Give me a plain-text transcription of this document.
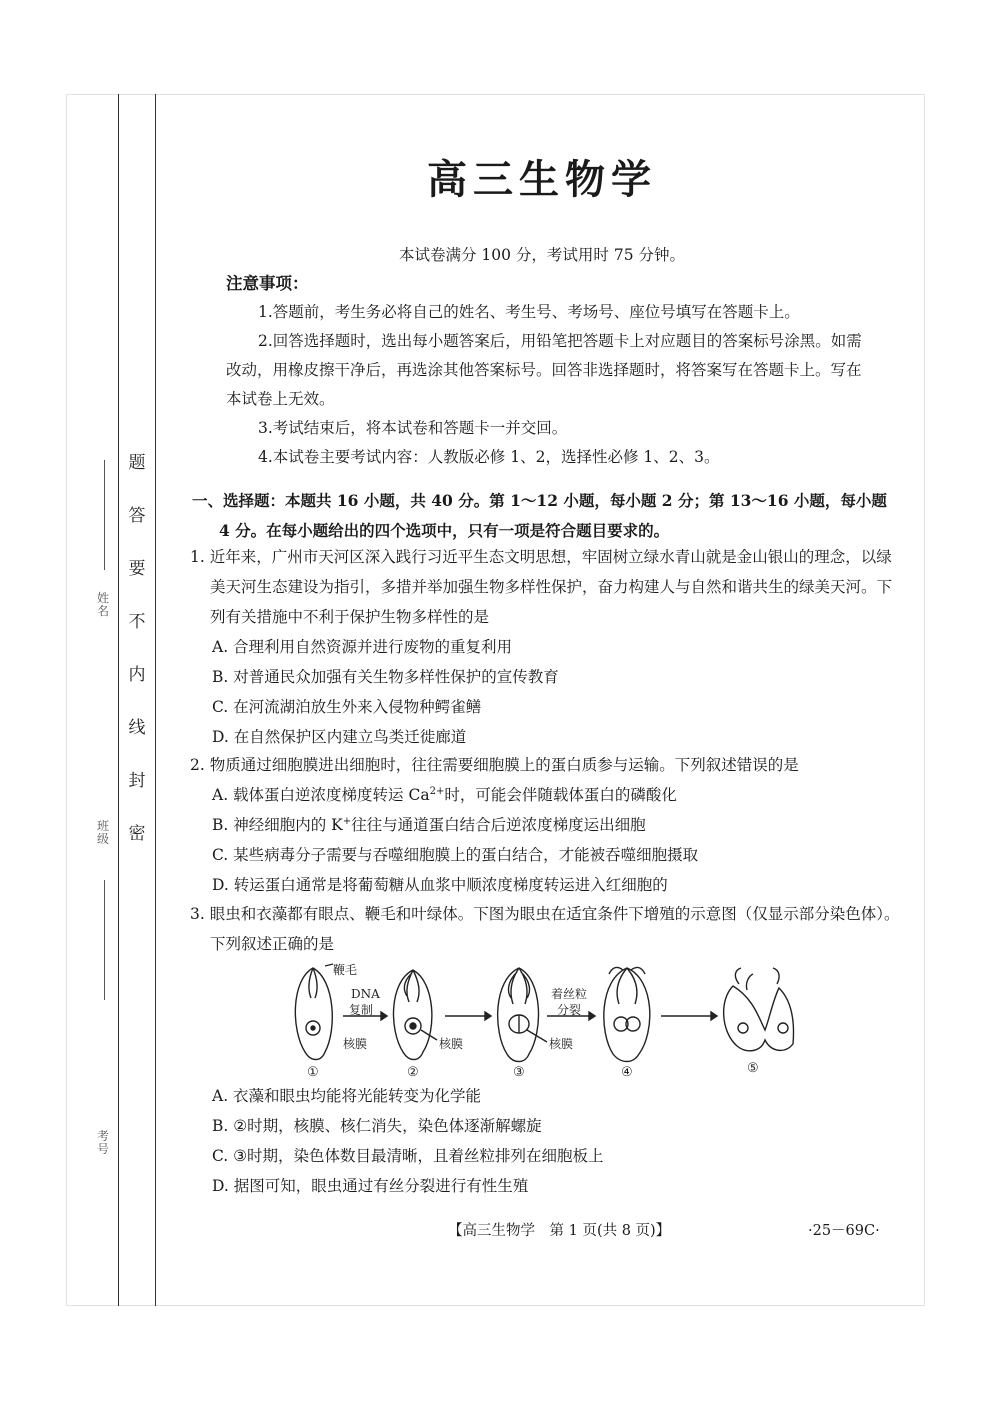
姓名
班级
考号
题
答
要
不
内
线
封
密
高三生物学
本试卷满分 100 分，考试用时 75 分钟。
注意事项：

1.答题前，考生务必将自己的姓名、考生号、考场号、座位号填写在答题卡上。

2.回答选择题时，选出每小题答案后，用铅笔把答题卡上对应题目的答案标号涂黑。如需改动，用橡皮擦干净后，再选涂其他答案标号。回答非选择题时，将答案写在答题卡上。写在本试卷上无效。

3.考试结束后，将本试卷和答题卡一并交回。

4.本试卷主要考试内容：人教版必修 1、2，选择性必修 1、2、3。

一、选择题：本题共 16 小题，共 40 分。第 1～12 小题，每小题 2 分；第 13～16 小题，每小题
4 分。在每小题给出的四个选项中，只有一项是符合题目要求的。

1. 近年来，广州市天河区深入践行习近平生态文明思想，牢固树立绿水青山就是金山银山的理念，以绿美天河生态建设为指引，多措并举加强生物多样性保护，奋力构建人与自然和谐共生的绿美天河。下列有关措施中不利于保护生物多样性的是

A. 合理利用自然资源并进行废物的重复利用

B. 对普通民众加强有关生物多样性保护的宣传教育

C. 在河流湖泊放生外来入侵物种鳄雀鳝

D. 在自然保护区内建立鸟类迁徙廊道

2. 物质通过细胞膜进出细胞时，往往需要细胞膜上的蛋白质参与运输。下列叙述错误的是

A. 载体蛋白逆浓度梯度转运 $Ca^{2+}$时，可能会伴随载体蛋白的磷酸化

B. 神经细胞内的 K+往往与通道蛋白结合后逆浓度梯度运出细胞

C. 某些病毒分子需要与吞噬细胞膜上的蛋白结合，才能被吞噬细胞摄取

D. 转运蛋白通常是将葡萄糖从血浆中顺浓度梯度转运进入红细胞的

3. 眼虫和衣藻都有眼点、鞭毛和叶绿体。下图为眼虫在适宜条件下增殖的示意图（仅显示部分染色体）。下列叙述正确的是

鞭毛
DNA
复制
核膜	核膜
着丝粒
分裂
核膜
①	②	③	④	⑤

A. 衣藻和眼虫均能将光能转变为化学能

B. ②时期，核膜、核仁消失，染色体逐渐解螺旋

C. ③时期，染色体数目最清晰，且着丝粒排列在细胞板上

D. 据图可知，眼虫通过有丝分裂进行有性生殖

【高三生物学　第 1 页(共 8 页)】	·25－69C·
